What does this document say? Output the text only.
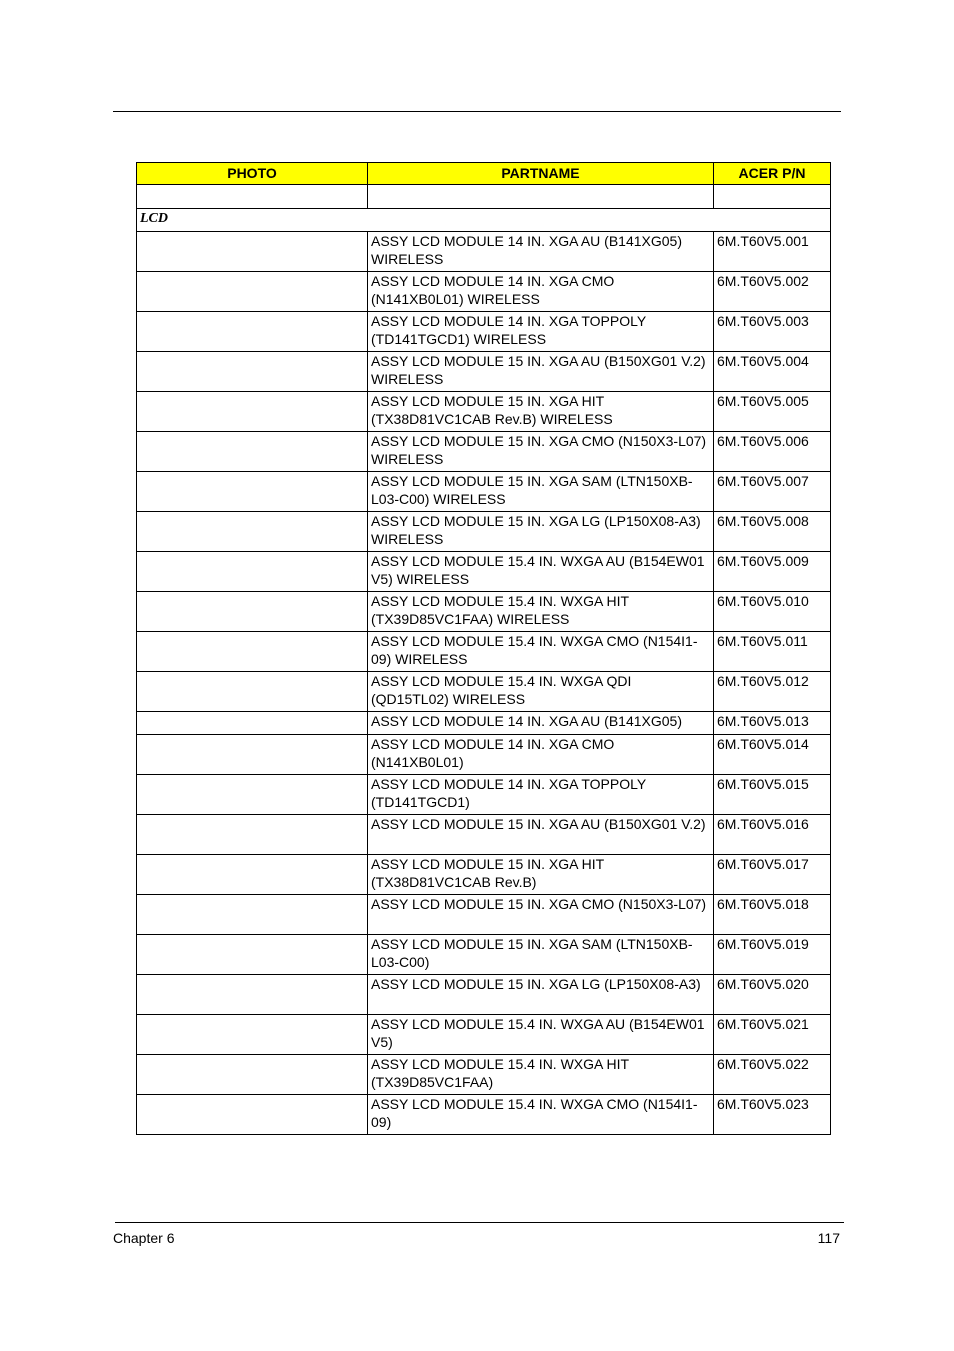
PHOTO	PARTNAME	ACER P/N

LCD		
	ASSY LCD MODULE 14 IN. XGA AU (B141XG05) WIRELESS	6M.T60V5.001
	ASSY LCD MODULE 14 IN. XGA CMO (N141XB0L01) WIRELESS	6M.T60V5.002
	ASSY LCD MODULE 14 IN. XGA TOPPOLY (TD141TGCD1) WIRELESS	6M.T60V5.003
	ASSY LCD MODULE 15 IN. XGA AU (B150XG01 V.2) WIRELESS	6M.T60V5.004
	ASSY LCD MODULE 15 IN. XGA HIT (TX38D81VC1CAB Rev.B) WIRELESS	6M.T60V5.005
	ASSY LCD MODULE 15 IN. XGA CMO (N150X3-L07) WIRELESS	6M.T60V5.006
	ASSY LCD MODULE 15 IN. XGA SAM (LTN150XB-L03-C00) WIRELESS	6M.T60V5.007
	ASSY LCD MODULE 15 IN. XGA LG (LP150X08-A3) WIRELESS	6M.T60V5.008
	ASSY LCD MODULE 15.4 IN. WXGA AU (B154EW01 V5) WIRELESS	6M.T60V5.009
	ASSY LCD MODULE 15.4 IN. WXGA HIT (TX39D85VC1FAA) WIRELESS	6M.T60V5.010
	ASSY LCD MODULE 15.4 IN. WXGA CMO (N154I1-09) WIRELESS	6M.T60V5.011
	ASSY LCD MODULE 15.4 IN. WXGA QDI (QD15TL02) WIRELESS	6M.T60V5.012
	ASSY LCD MODULE 14 IN. XGA AU (B141XG05)	6M.T60V5.013
	ASSY LCD MODULE 14 IN. XGA CMO (N141XB0L01)	6M.T60V5.014
	ASSY LCD MODULE 14 IN. XGA TOPPOLY (TD141TGCD1)	6M.T60V5.015
	ASSY LCD MODULE 15 IN. XGA AU (B150XG01 V.2)	6M.T60V5.016
	ASSY LCD MODULE 15 IN. XGA HIT (TX38D81VC1CAB Rev.B)	6M.T60V5.017
	ASSY LCD MODULE 15 IN. XGA CMO (N150X3-L07)	6M.T60V5.018
	ASSY LCD MODULE 15 IN. XGA SAM (LTN150XB-L03-C00)	6M.T60V5.019
	ASSY LCD MODULE 15 IN. XGA LG (LP150X08-A3)	6M.T60V5.020
	ASSY LCD MODULE 15.4 IN. WXGA AU (B154EW01 V5)	6M.T60V5.021
	ASSY LCD MODULE 15.4 IN. WXGA HIT (TX39D85VC1FAA)	6M.T60V5.022
	ASSY LCD MODULE 15.4 IN. WXGA CMO (N154I1-09)	6M.T60V5.023
Chapter 6	117
